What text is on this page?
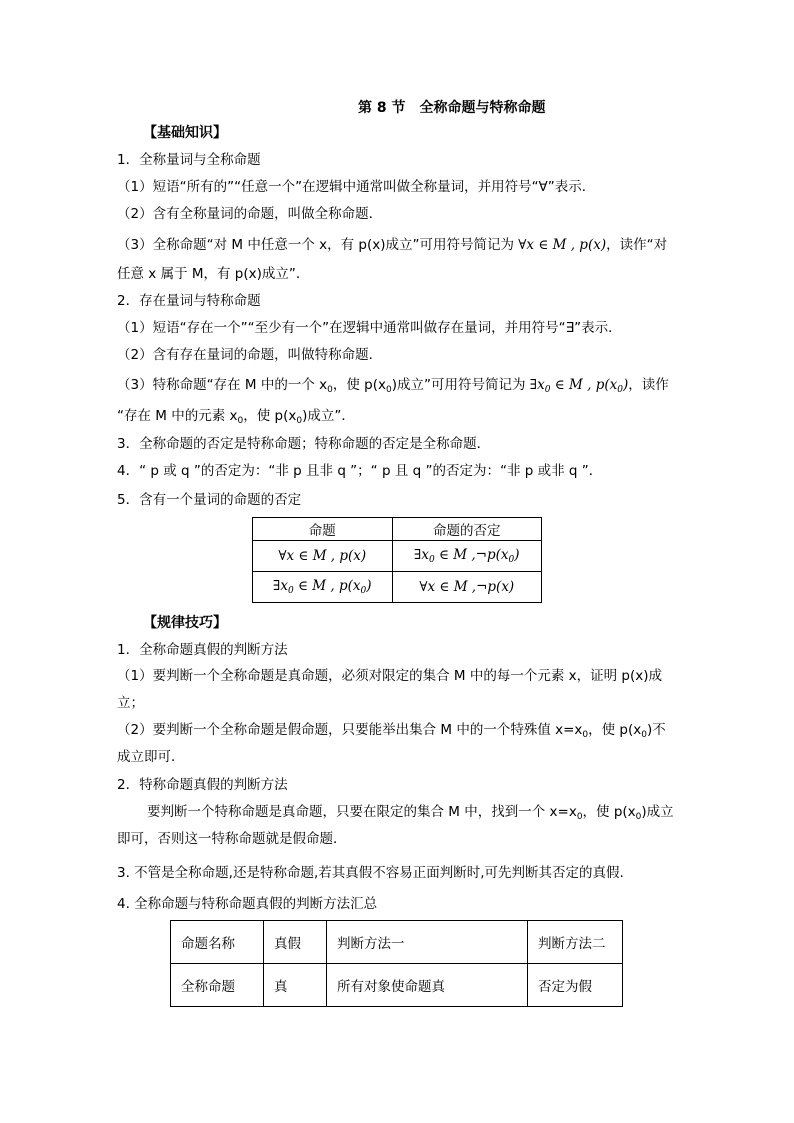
第 8 节 全称命题与特称命题
【基础知识】
1．全称量词与全称命题
（1）短语“所有的”“任意一个”在逻辑中通常叫做全称量词，并用符号“∀”表示．
（2）含有全称量词的命题，叫做全称命题．
（3）全称命题“对 M 中任意一个 x，有 p(x)成立”可用符号简记为 ∀x ∈ M , p(x)，读作“对
任意 x 属于 M，有 p(x)成立”．
2．存在量词与特称命题
（1）短语“存在一个”“至少有一个”在逻辑中通常叫做存在量词，并用符号“∃”表示．
（2）含有存在量词的命题，叫做特称命题．
（3）特称命题“存在 M 中的一个 $x_0$，使 $p(x_0)$成立”可用符号简记为 $\exists x_0$ ∈ M , $p(x_0)$，读作
“存在 M 中的元素 $x_0$，使 $p(x_0)$成立”．
3．全称命题的否定是特称命题；特称命题的否定是全称命题．
4．“ p 或 q ”的否定为：“非 p 且非 q ”；“ p 且 q ”的否定为：“非 p 或非 q ”．
5．含有一个量词的命题的否定
命题	命题的否定
∀x ∈ M , p(x)	$\exists x_0$ ∈ M $,\neg p(x_0)$
$\exists x_0$ ∈ M , $p(x_0)$	∀x ∈ M ,¬p(x)
【规律技巧】
1．全称命题真假的判断方法
（1）要判断一个全称命题是真命题，必须对限定的集合 M 中的每一个元素 x，证明 p(x)成
立；
（2）要判断一个全称命题是假命题，只要能举出集合 M 中的一个特殊值 $x=x_0$，使 $p(x_0)$不
成立即可．
2．特称命题真假的判断方法
要判断一个特称命题是真命题，只要在限定的集合 M 中，找到一个 $x=x_0$，使 $p(x_0)$成立
即可，否则这一特称命题就是假命题．
3. 不管是全称命题,还是特称命题,若其真假不容易正面判断时,可先判断其否定的真假.
4. 全称命题与特称命题真假的判断方法汇总
命题名称	真假	判断方法一	判断方法二
全称命题	真	所有对象使命题真	否定为假
